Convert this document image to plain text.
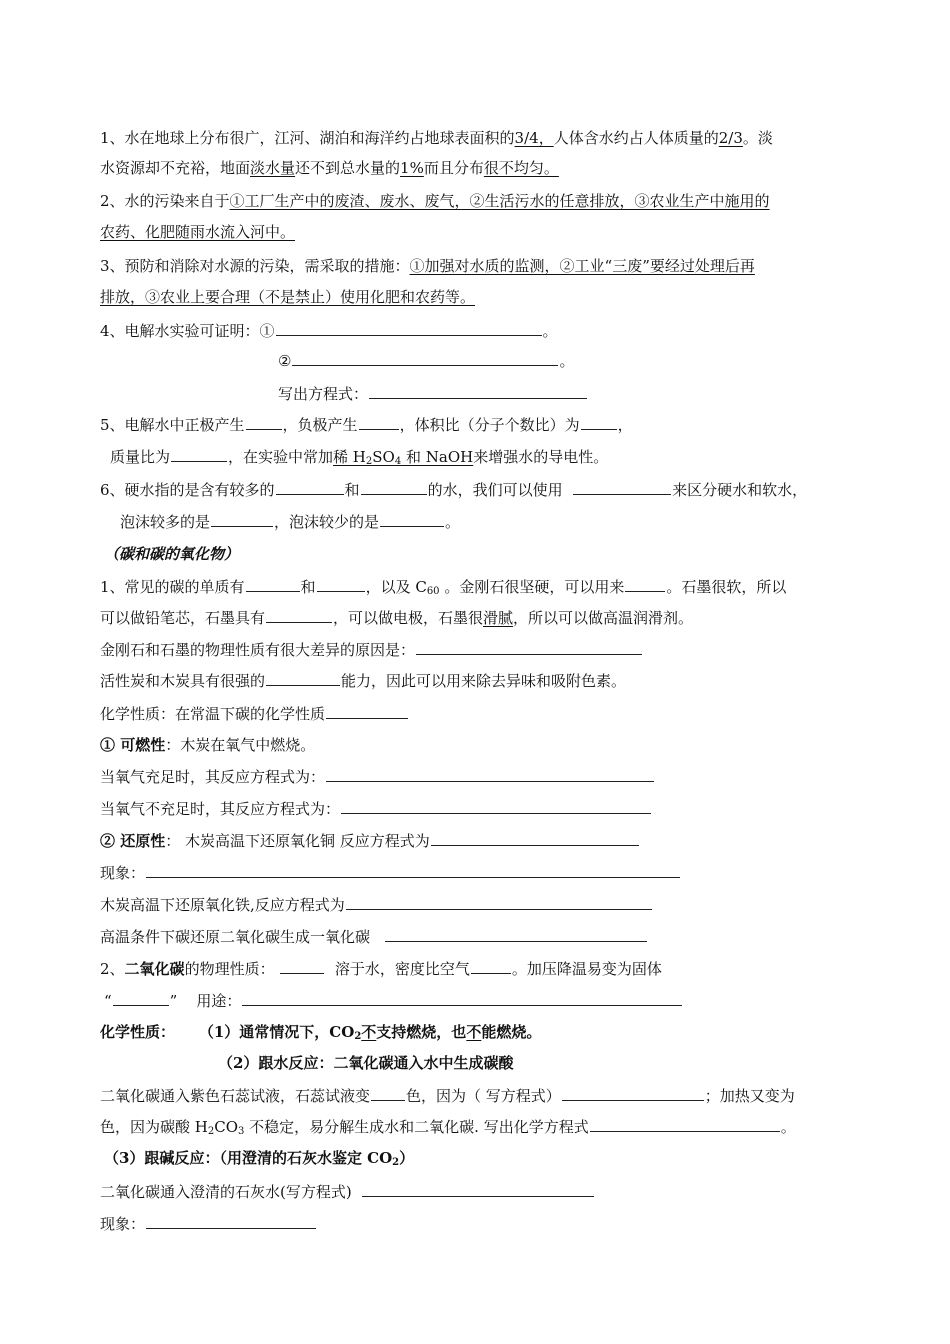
1、水在地球上分布很广，江河、湖泊和海洋约占地球表面积的3/4，人体含水约占人体质量的2/3。淡
水资源却不充裕，地面淡水量还不到总水量的1%而且分布很不均匀。
2、水的污染来自于①工厂生产中的废渣、废水、废气，②生活污水的任意排放，③农业生产中施用的
农药、化肥随雨水流入河中。
3、预防和消除对水源的污染，需采取的措施：①加强对水质的监测，②工业“三废”要经过处理后再
排放，③农业上要合理（不是禁止）使用化肥和农药等。
4、电解水实验可证明：①	。
②	。
写出方程式：
5、电解水中正极产生	，负极产生	，体积比（分子个数比）为	，
质量比为	，在实验中常加稀 $H_2SO_4$ 和 NaOH来增强水的导电性。
6、硬水指的是含有较多的	和	的水，我们可以使用	来区分硬水和软水，
泡沫较多的是	，泡沫较少的是	。
（碳和碳的氧化物）
1、常见的碳的单质有	和	，以及 $C_{60}$ 。金刚石很坚硬，可以用来	。石墨很软，所以
可以做铅笔芯，石墨具有	，可以做电极，石墨很滑腻，所以可以做高温润滑剂。
金刚石和石墨的物理性质有很大差异的原因是：
活性炭和木炭具有很强的	能力，因此可以用来除去异味和吸附色素。
化学性质：在常温下碳的化学性质
① 可燃性：木炭在氧气中燃烧。
当氧气充足时，其反应方程式为：
当氧气不充足时，其反应方程式为：
② 还原性： 木炭高温下还原氧化铜 反应方程式为
现象：
木炭高温下还原氧化铁,反应方程式为
高温条件下碳还原二氧化碳生成一氧化碳
2、二氧化碳的物理性质：	溶于水，密度比空气	。加压降温易变为固体
“	” 用途：
化学性质： （1）通常情况下，$CO_2$不支持燃烧，也不能燃烧。
（2）跟水反应：二氧化碳通入水中生成碳酸
二氧化碳通入紫色石蕊试液，石蕊试液变 色，因为（ 写方程式）	；加热又变为
色，因为碳酸 $H_2CO_3$ 不稳定，易分解生成水和二氧化碳. 写出化学方程式	。
（3）跟碱反应：（用澄清的石灰水鉴定 $CO_2$）
二氧化碳通入澄清的石灰水(写方程式)
现象：
